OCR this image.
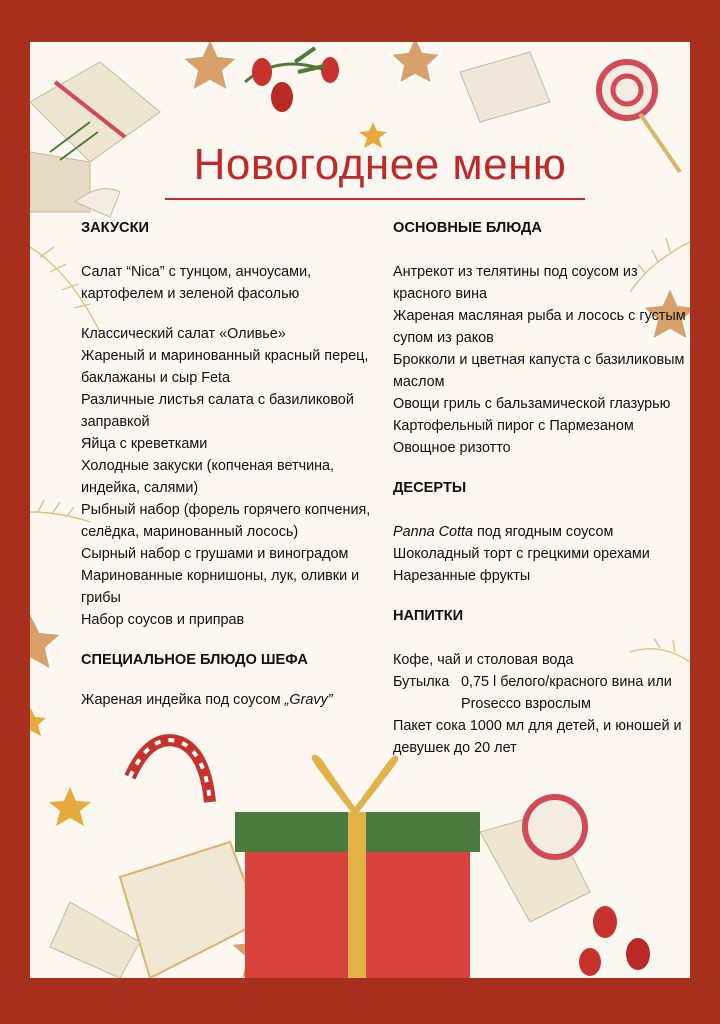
Новогоднее меню
ЗАКУСКИ
Салат “Nica” с тунцом, анчоусами, картофелем и зеленой фасолью
Классический салат «Оливье»
Жареный и маринованный красный перец, баклажаны и сыр Feta
Различные листья салата с базиликовой заправкой
Яйца с креветками
Холодные закуски (копченая ветчина, индейка, салями)
Рыбный набор (форель горячего копчения, селёдка, маринованный лосось)
Сырный набор с грушами и виноградом
Маринованные корнишоны, лук, оливки и грибы
Набор соусов и приправ
СПЕЦИАЛЬНОЕ БЛЮДО ШЕФА
Жареная индейка под соусом „Gravy”
ОСНОВНЫЕ БЛЮДА
Антрекот из телятины под соусом из красного вина
Жареная масляная рыба и лосось с густым супом из раков
Брокколи и цветная капуста с базиликовым маслом
Овощи гриль с бальзамической глазурью
Картофельный пирог с Пармезаном
Овощное ризотто
ДЕСЕРТЫ
Panna Cotta под ягодным соусом
Шоколадный торт с грецкими орехами
Нарезанные фрукты
НАПИТКИ
Кофе, чай и столовая вода
Бутылка 0,75 l белого/красного вина или Prosecco взрослым
Пакет сока 1000 мл для детей, и юношей и девушек до 20 лет
